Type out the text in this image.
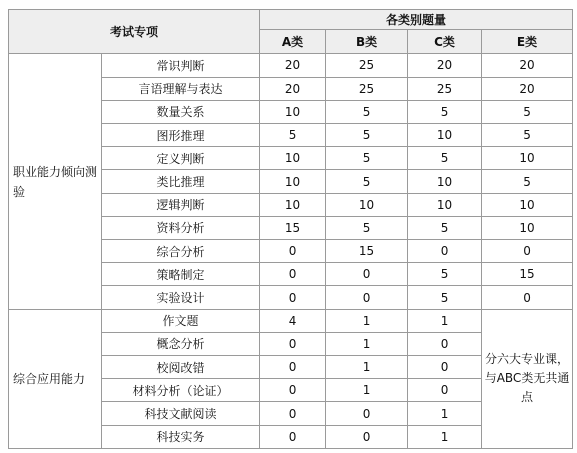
考试专项		各类别题量			
		A类	B类	C类	E类
职业能力倾向测验	常识判断	20	25	20	20
	言语理解与表达	20	25	25	20
	数量关系	10	5	5	5
	图形推理	5	5	10	5
	定义判断	10	5	5	10
	类比推理	10	5	10	5
	逻辑判断	10	10	10	10
	资料分析	15	5	5	10
	综合分析	0	15	0	0
	策略制定	0	0	5	15
	实验设计	0	0	5	0
综合应用能力	作文题	4	1	1	分六大专业课，与ABC类无共通点
	概念分析	0	1	0	
	校阅改错	0	1	0	
	材料分析（论证）	0	1	0	
	科技文献阅读	0	0	1	
	科技实务	0	0	1	
